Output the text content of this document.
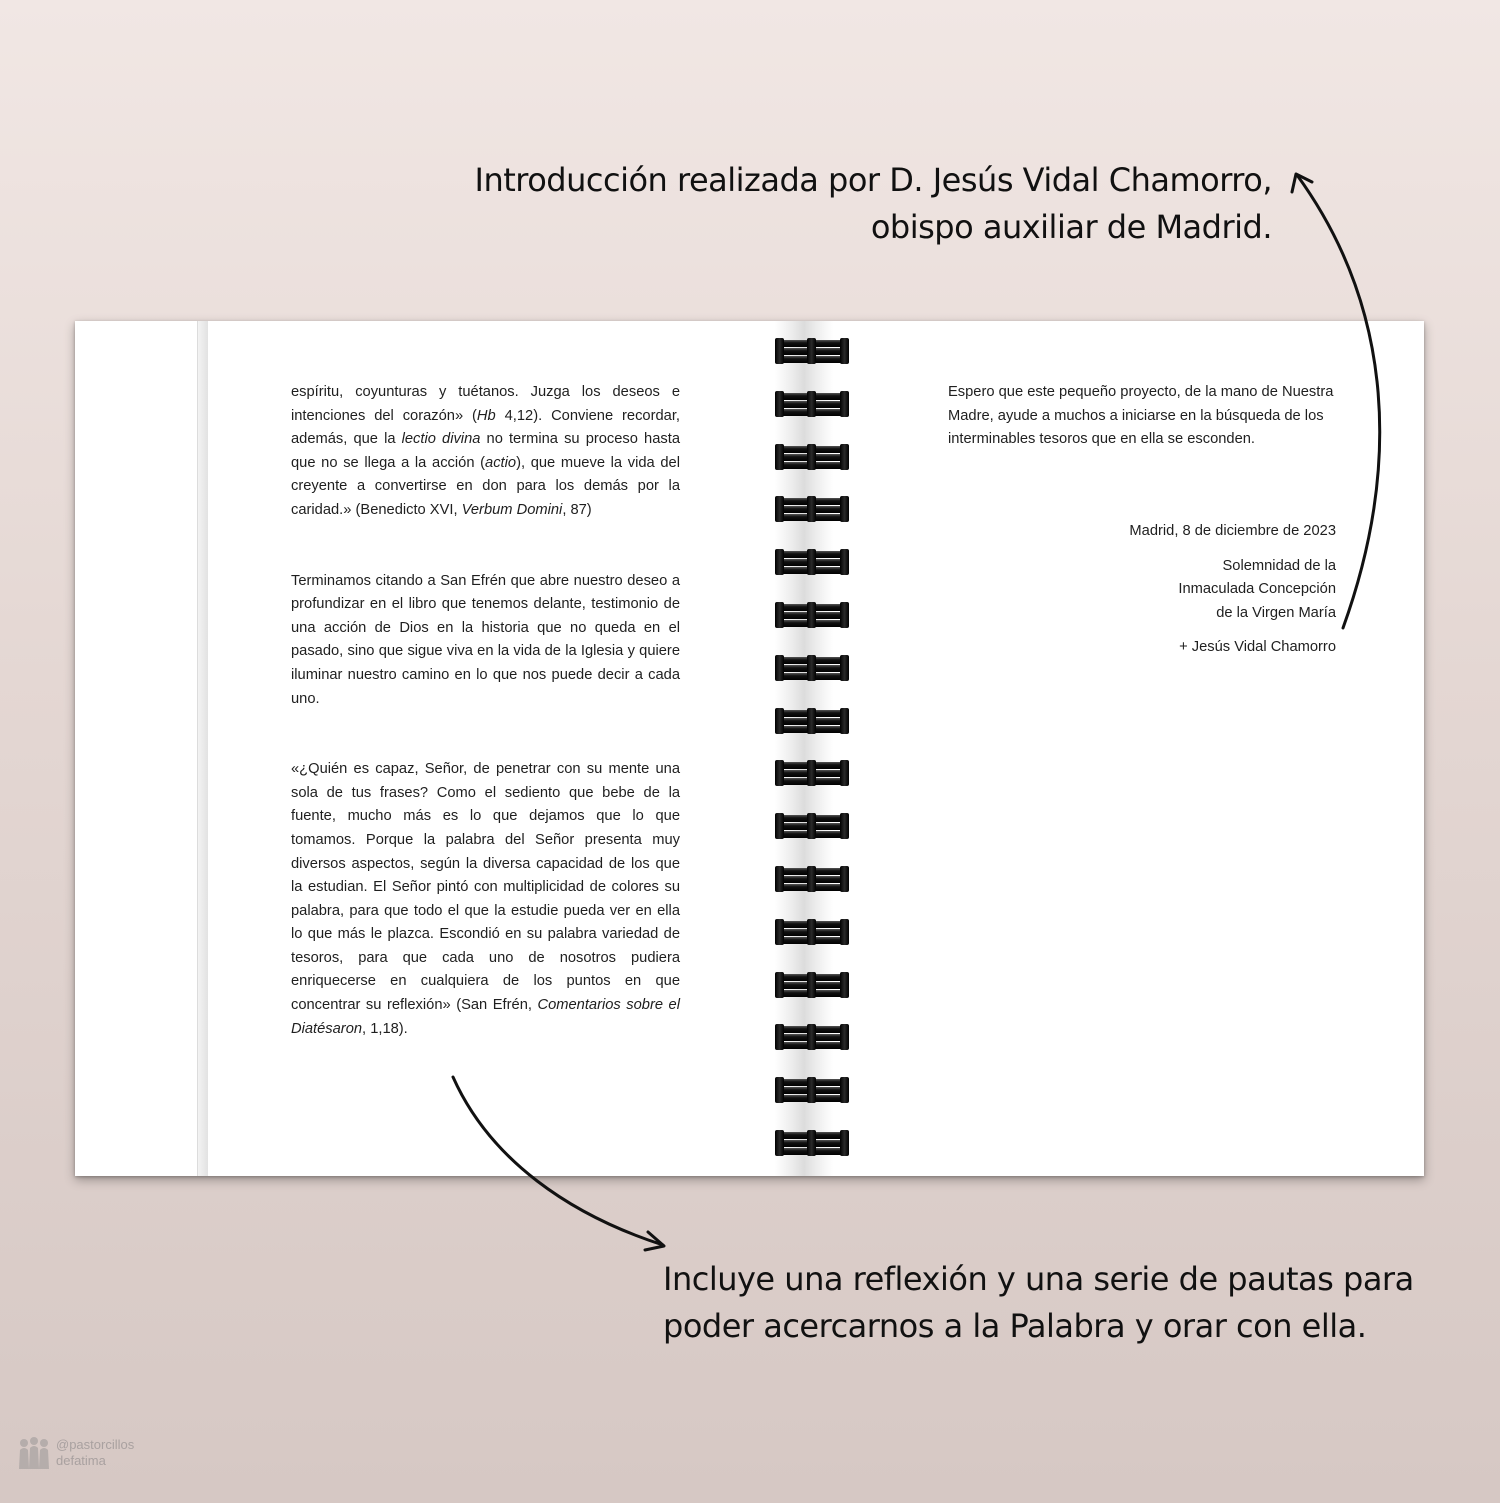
Introducción realizada por D. Jesús Vidal Chamorro,
obispo auxiliar de Madrid.

espíritu, coyunturas y tuétanos. Juzga los deseos e intenciones del corazón» (Hb 4,12). Conviene recordar, además, que la lectio divina no termina su proceso hasta que no se llega a la acción (actio), que mueve la vida del creyente a convertirse en don para los demás por la caridad.» (Benedicto XVI, Verbum Domini, 87)

Terminamos citando a San Efrén que abre nuestro deseo a profundizar en el libro que tenemos delante, testimonio de una acción de Dios en la historia que no queda en el pasado, sino que sigue viva en la vida de la Iglesia y quiere iluminar nuestro camino en lo que nos puede decir a cada uno.

«¿Quién es capaz, Señor, de penetrar con su mente una sola de tus frases? Como el sediento que bebe de la fuente, mucho más es lo que dejamos que lo que tomamos. Porque la palabra del Señor presenta muy diversos aspectos, según la diversa capacidad de los que la estudian. El Señor pintó con multiplicidad de colores su palabra, para que todo el que la estudie pueda ver en ella lo que más le plazca. Escondió en su palabra variedad de tesoros, para que cada uno de nosotros pudiera enriquecerse en cualquiera de los puntos en que concentrar su reflexión» (San Efrén, Comentarios sobre el Diatésaron, 1,18).

Espero que este pequeño proyecto, de la mano de Nuestra Madre, ayude a muchos a iniciarse en la búsqueda de los interminables tesoros que en ella se esconden.

Madrid, 8 de diciembre de 2023
Solemnidad de la
Inmaculada Concepción
de la Virgen María
+ Jesús Vidal Chamorro
Incluye una reflexión y una serie de pautas para
poder acercarnos a la Palabra y orar con ella.
@pastorcillos
defatima
